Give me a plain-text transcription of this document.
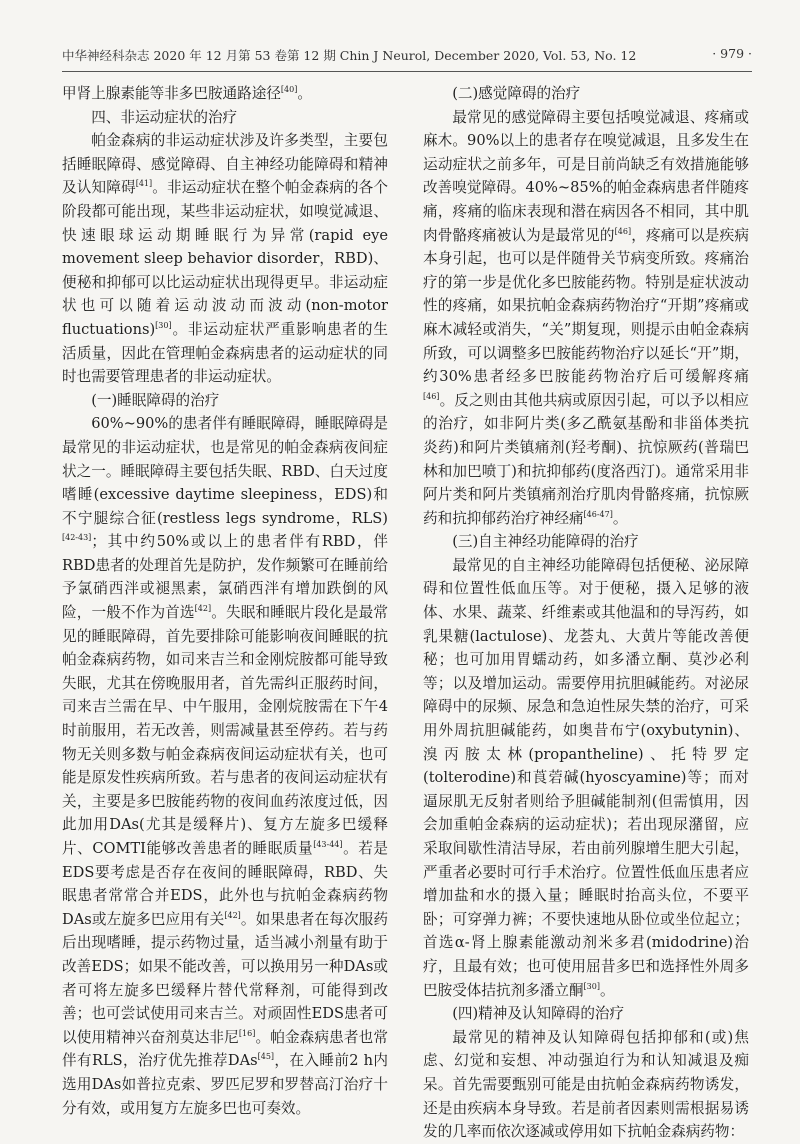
中华神经科杂志 2020 年 12 月第 53 卷第 12 期 Chin J Neurol, December 2020, Vol. 53, No. 12	· 979 ·

甲肾上腺素能等非多巴胺通路途径[40]。

四、非运动症状的治疗

帕金森病的非运动症状涉及许多类型，主要包括睡眠障碍、感觉障碍、自主神经功能障碍和精神及认知障碍[41]。非运动症状在整个帕金森病的各个阶段都可能出现，某些非运动症状，如嗅觉减退、快速眼球运动期睡眠行为异常(rapid eye movement sleep behavior disorder，RBD)、便秘和抑郁可以比运动症状出现得更早。非运动症状也可以随着运动波动而波动(non-motor fluctuations)[30]。非运动症状严重影响患者的生活质量，因此在管理帕金森病患者的运动症状的同时也需要管理患者的非运动症状。

(一)睡眠障碍的治疗

60%~90%的患者伴有睡眠障碍，睡眠障碍是最常见的非运动症状，也是常见的帕金森病夜间症状之一。睡眠障碍主要包括失眠、RBD、白天过度嗜睡(excessive daytime sleepiness，EDS)和不宁腿综合征(restless legs syndrome，RLS)[42-43]；其中约50%或以上的患者伴有RBD，伴RBD患者的处理首先是防护，发作频繁可在睡前给予氯硝西泮或褪黑素，氯硝西泮有增加跌倒的风险，一般不作为首选[42]。失眠和睡眠片段化是最常见的睡眠障碍，首先要排除可能影响夜间睡眠的抗帕金森病药物，如司来吉兰和金刚烷胺都可能导致失眠，尤其在傍晚服用者，首先需纠正服药时间，司来吉兰需在早、中午服用，金刚烷胺需在下午4时前服用，若无改善，则需减量甚至停药。若与药物无关则多数与帕金森病夜间运动症状有关，也可能是原发性疾病所致。若与患者的夜间运动症状有关，主要是多巴胺能药物的夜间血药浓度过低，因此加用DAs(尤其是缓释片)、复方左旋多巴缓释片、COMTI能够改善患者的睡眠质量[43-44]。若是EDS要考虑是否存在夜间的睡眠障碍，RBD、失眠患者常常合并EDS，此外也与抗帕金森病药物DAs或左旋多巴应用有关[42]。如果患者在每次服药后出现嗜睡，提示药物过量，适当减小剂量有助于改善EDS；如果不能改善，可以换用另一种DAs或者可将左旋多巴缓释片替代常释剂，可能得到改善；也可尝试使用司来吉兰。对顽固性EDS患者可以使用精神兴奋剂莫达非尼[16]。帕金森病患者也常伴有RLS，治疗优先推荐DAs[45]，在入睡前2 h内选用DAs如普拉克索、罗匹尼罗和罗替高汀治疗十分有效，或用复方左旋多巴也可奏效。

(二)感觉障碍的治疗

最常见的感觉障碍主要包括嗅觉减退、疼痛或麻木。90%以上的患者存在嗅觉减退，且多发生在运动症状之前多年，可是目前尚缺乏有效措施能够改善嗅觉障碍。40%~85%的帕金森病患者伴随疼痛，疼痛的临床表现和潜在病因各不相同，其中肌肉骨骼疼痛被认为是最常见的[46]，疼痛可以是疾病本身引起，也可以是伴随骨关节病变所致。疼痛治疗的第一步是优化多巴胺能药物。特别是症状波动性的疼痛，如果抗帕金森病药物治疗“开期”疼痛或麻木减轻或消失，“关”期复现，则提示由帕金森病所致，可以调整多巴胺能药物治疗以延长“开”期，约30%患者经多巴胺能药物治疗后可缓解疼痛[46]。反之则由其他共病或原因引起，可以予以相应的治疗，如非阿片类(多乙酰氨基酚和非甾体类抗炎药)和阿片类镇痛剂(羟考酮)、抗惊厥药(普瑞巴林和加巴喷丁)和抗抑郁药(度洛西汀)。通常采用非阿片类和阿片类镇痛剂治疗肌肉骨骼疼痛，抗惊厥药和抗抑郁药治疗神经痛[46-47]。

(三)自主神经功能障碍的治疗

最常见的自主神经功能障碍包括便秘、泌尿障碍和位置性低血压等。对于便秘，摄入足够的液体、水果、蔬菜、纤维素或其他温和的导泻药，如乳果糖(lactulose)、龙荟丸、大黄片等能改善便秘；也可加用胃蠕动药，如多潘立酮、莫沙必利等；以及增加运动。需要停用抗胆碱能药。对泌尿障碍中的尿频、尿急和急迫性尿失禁的治疗，可采用外周抗胆碱能药，如奥昔布宁(oxybutynin)、溴丙胺太林(propantheline)、托特罗定(tolterodine)和莨菪碱(hyoscyamine)等；而对逼尿肌无反射者则给予胆碱能制剂(但需慎用，因会加重帕金森病的运动症状)；若出现尿潴留，应采取间歇性清洁导尿，若由前列腺增生肥大引起，严重者必要时可行手术治疗。位置性低血压患者应增加盐和水的摄入量；睡眠时抬高头位，不要平卧；可穿弹力裤；不要快速地从卧位或坐位起立；首选α-肾上腺素能激动剂米多君(midodrine)治疗，且最有效；也可使用屈昔多巴和选择性外周多巴胺受体拮抗剂多潘立酮[30]。

(四)精神及认知障碍的治疗

最常见的精神及认知障碍包括抑郁和(或)焦虑、幻觉和妄想、冲动强迫行为和认知减退及痴呆。首先需要甄别可能是由抗帕金森病药物诱发，还是由疾病本身导致。若是前者因素则需根据易诱发的几率而依次逐减或停用如下抗帕金森病药物：
